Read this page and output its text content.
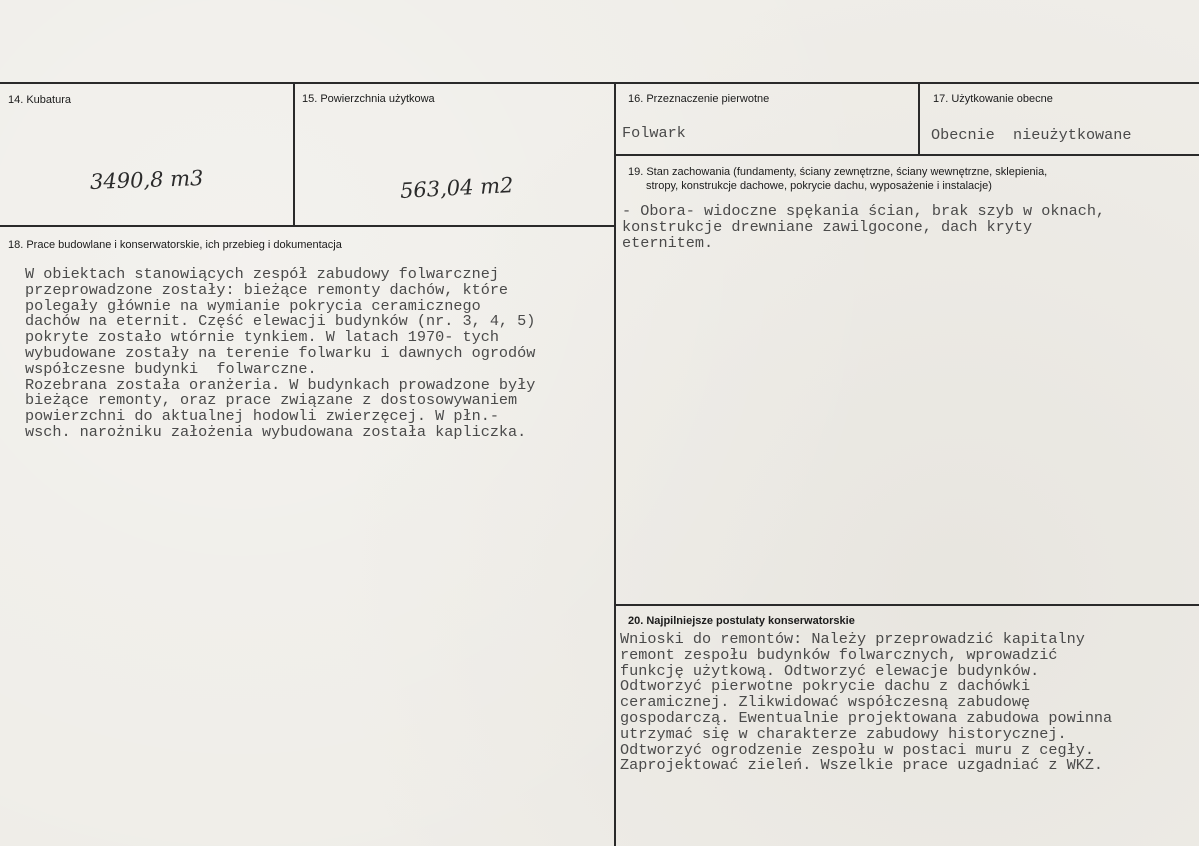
14. Kubatura
3490,8 m3
15. Powierzchnia użytkowa
563,04 m2
16. Przeznaczenie pierwotne
Folwark
17. Użytkowanie obecne
Obecnie  nieużytkowane
18. Prace budowlane i konserwatorskie, ich przebieg i dokumentacja
W obiektach stanowiących zespół zabudowy folwarcznej
przeprowadzone zostały: bieżące remonty dachów, które
polegały głównie na wymianie pokrycia ceramicznego
dachów na eternit. Część elewacji budynków (nr. 3, 4, 5)
pokryte zostało wtórnie tynkiem. W latach 1970- tych
wybudowane zostały na terenie folwarku i dawnych ogrodów
współczesne budynki  folwarczne.
Rozebrana została oranżeria. W budynkach prowadzone były
bieżące remonty, oraz prace związane z dostosowywaniem
powierzchni do aktualnej hodowli zwierzęcej. W płn.-
wsch. narożniku założenia wybudowana została kapliczka.
19. Stan zachowania (fundamenty, ściany zewnętrzne, ściany wewnętrzne, sklepienia,
stropy, konstrukcje dachowe, pokrycie dachu, wyposażenie i instalacje)
- Obora- widoczne spękania ścian, brak szyb w oknach,
konstrukcje drewniane zawilgocone, dach kryty
eternitem.
20. Najpilniejsze postulaty konserwatorskie
Wnioski do remontów: Należy przeprowadzić kapitalny
remont zespołu budynków folwarcznych, wprowadzić
funkcję użytkową. Odtworzyć elewacje budynków.
Odtworzyć pierwotne pokrycie dachu z dachówki
ceramicznej. Zlikwidować współczesną zabudowę
gospodarczą. Ewentualnie projektowana zabudowa powinna
utrzymać się w charakterze zabudowy historycznej.
Odtworzyć ogrodzenie zespołu w postaci muru z cegły.
Zaprojektować zieleń. Wszelkie prace uzgadniać z WKZ.
